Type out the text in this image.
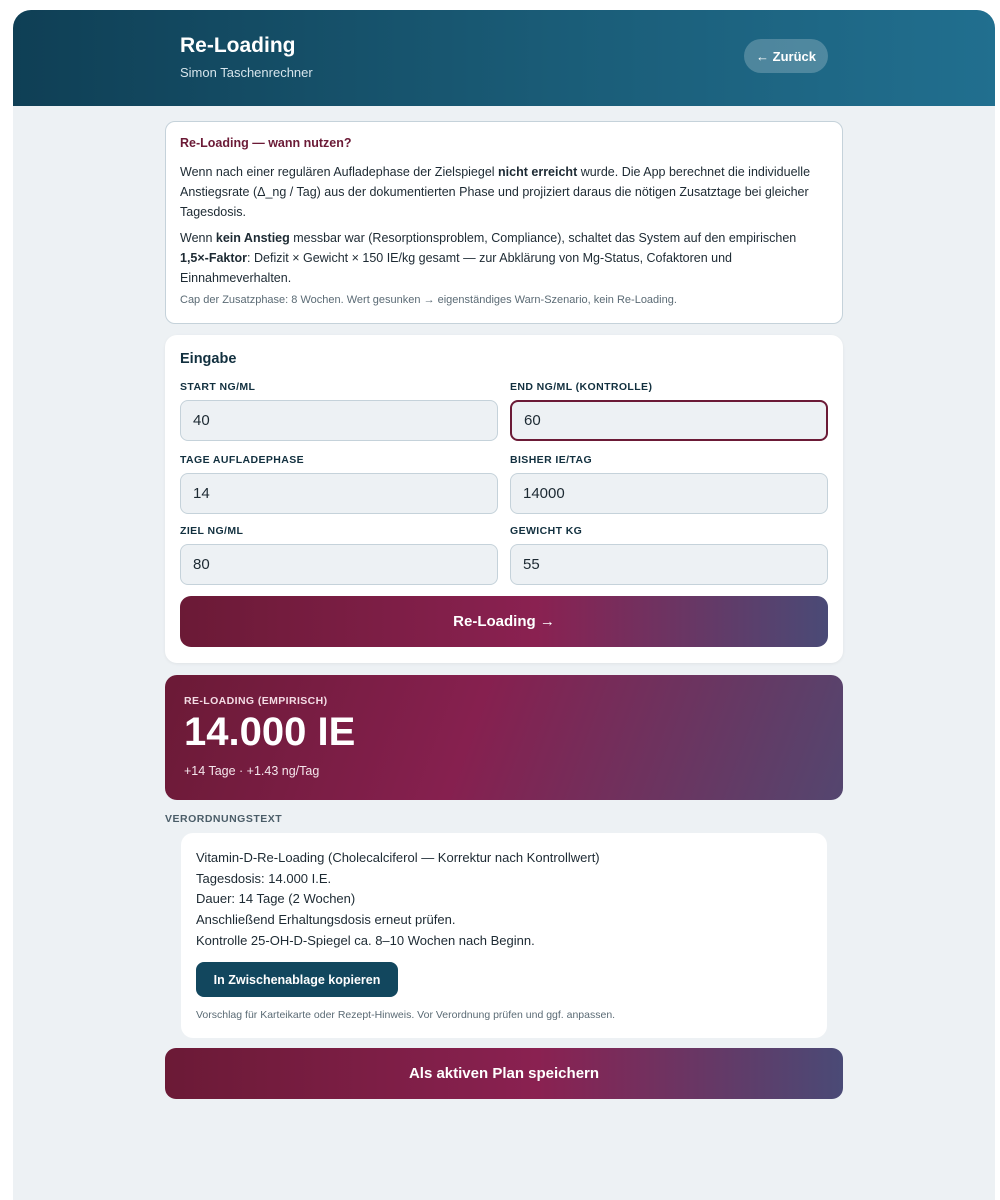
Re-Loading
Simon Taschenrechner
← Zurück
Re-Loading — wann nutzen?

Wenn nach einer regulären Aufladephase der Zielspiegel nicht erreicht wurde. Die App berechnet die individuelle Anstiegsrate (Δ_ng / Tag) aus der dokumentierten Phase und projiziert daraus die nötigen Zusatztage bei gleicher Tagesdosis.

Wenn kein Anstieg messbar war (Resorptionsproblem, Compliance), schaltet das System auf den empirischen 1,5×-Faktor: Defizit × Gewicht × 150 IE/kg gesamt — zur Abklärung von Mg-Status, Cofaktoren und Einnahmeverhalten.

Cap der Zusatzphase: 8 Wochen. Wert gesunken → eigenständiges Warn-Szenario, kein Re-Loading.
Eingabe
START NG/ML
40
END NG/ML (KONTROLLE)
60
TAGE AUFLADEPHASE
14
BISHER IE/TAG
14000
ZIEL NG/ML
80
GEWICHT KG
55
Re-Loading →
RE-LOADING (EMPIRISCH)
14.000 IE
+14 Tage · +1.43 ng/Tag
VERORDNUNGSTEXT
Vitamin-D-Re-Loading (Cholecalciferol — Korrektur nach Kontrollwert)
Tagesdosis: 14.000 I.E.
Dauer: 14 Tage (2 Wochen)
Anschließend Erhaltungsdosis erneut prüfen.
Kontrolle 25-OH-D-Spiegel ca. 8–10 Wochen nach Beginn.
In Zwischenablage kopieren
Vorschlag für Karteikarte oder Rezept-Hinweis. Vor Verordnung prüfen und ggf. anpassen.
Als aktiven Plan speichern
